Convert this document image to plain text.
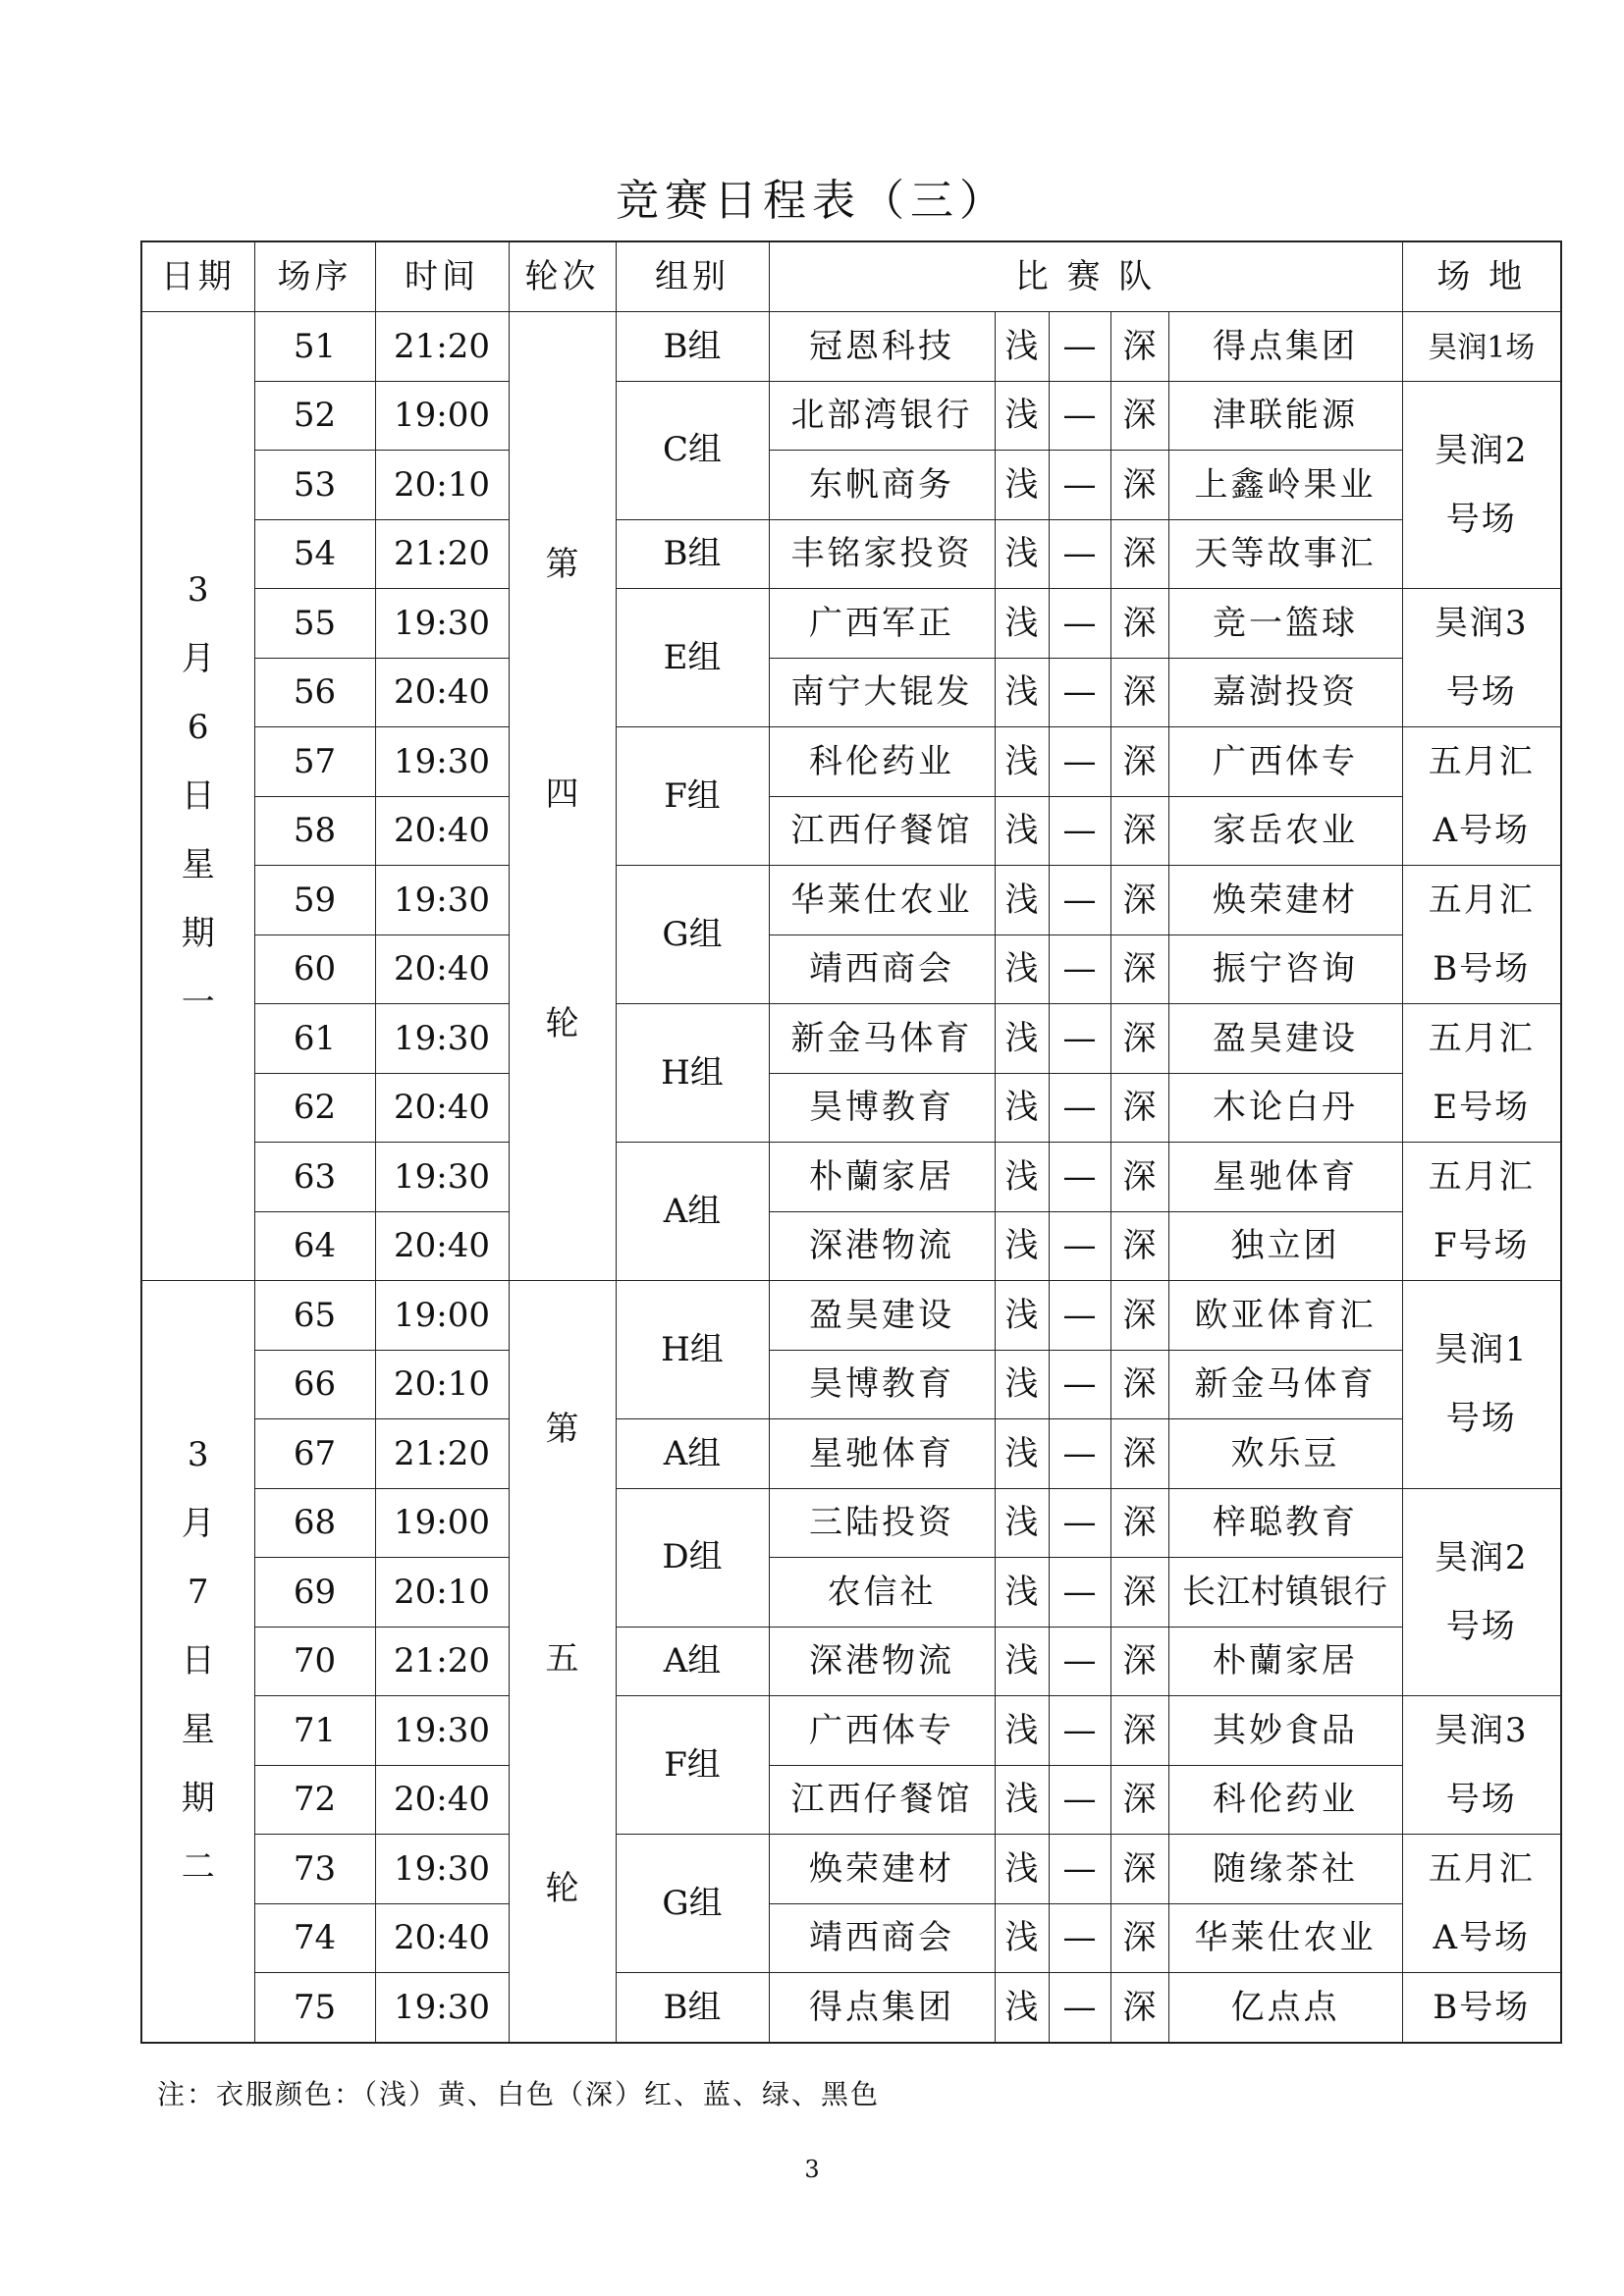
竞赛日程表（三）
日期	场序	时间	轮次	组别	比 赛 队					场 地
3月6日星期一	51	21:20	第
四
轮	B组	冠恩科技	浅	—	深	得点集团	昊润1场
	52	19:00		C组	北部湾银行	浅	—	深	津联能源	昊润2号场
	53	20:10			东帆商务	浅	—	深	上鑫岭果业	
	54	21:20		B组	丰铭家投资	浅	—	深	天等故事汇	
	55	19:30		E组	广西军正	浅	—	深	竞一篮球	昊润3号场
	56	20:40			南宁大锟发	浅	—	深	嘉澍投资	
	57	19:30		F组	科伦药业	浅	—	深	广西体专	五月汇A号场
	58	20:40			江西仔餐馆	浅	—	深	家岳农业	
	59	19:30		G组	华莱仕农业	浅	—	深	焕荣建材	五月汇B号场
	60	20:40			靖西商会	浅	—	深	振宁咨询	
	61	19:30		H组	新金马体育	浅	—	深	盈昊建设	五月汇E号场
	62	20:40			昊博教育	浅	—	深	木论白丹	
	63	19:30		A组	朴蘭家居	浅	—	深	星驰体育	五月汇F号场
	64	20:40			深港物流	浅	—	深	独立团	
3月7日星期二	65	19:00	第
五
轮	H组	盈昊建设	浅	—	深	欧亚体育汇	昊润1号场
	66	20:10			昊博教育	浅	—	深	新金马体育	
	67	21:20		A组	星驰体育	浅	—	深	欢乐豆	
	68	19:00		D组	三陆投资	浅	—	深	梓聪教育	昊润2号场
	69	20:10			农信社	浅	—	深	长江村镇银行	
	70	21:20		A组	深港物流	浅	—	深	朴蘭家居	
	71	19:30		F组	广西体专	浅	—	深	其妙食品	昊润3号场
	72	20:40			江西仔餐馆	浅	—	深	科伦药业	
	73	19:30		G组	焕荣建材	浅	—	深	随缘茶社	五月汇A号场
	74	20:40			靖西商会	浅	—	深	华莱仕农业	
	75	19:30		B组	得点集团	浅	—	深	亿点点	B号场
注：衣服颜色：（浅）黄、白色（深）红、蓝、绿、黑色
3
